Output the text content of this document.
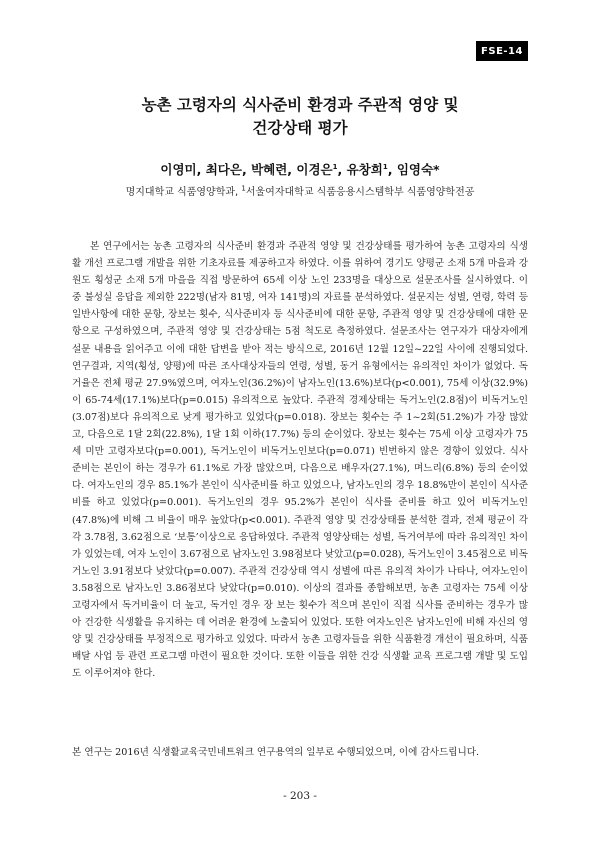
FSE-14
농촌 고령자의 식사준비 환경과 주관적 영양 및
건강상태 평가
이영미, 최다은, 박혜련, 이경은$^1$, 유창희$^1$, 임영숙*
명지대학교 식품영양학과, $^1$서울여자대학교 식품응용시스템학부 식품영양학전공

본 연구에서는 농촌 고령자의 식사준비 환경과 주관적 영양 및 건강상태를 평가하여 농촌 고령자의 식생활 개선 프로그램 개발을 위한 기초자료를 제공하고자 하였다. 이를 위하여 경기도 양평군 소재 5개 마을과 강원도 횡성군 소재 5개 마을을 직접 방문하여 65세 이상 노인 233명을 대상으로 설문조사를 실시하였다. 이 중 불성실 응답을 제외한 222명(남자 81명, 여자 141명)의 자료를 분석하였다. 설문지는 성별, 연령, 학력 등 일반사항에 대한 문항, 장보는 횟수, 식사준비자 등 식사준비에 대한 문항, 주관적 영양 및 건강상태에 대한 문항으로 구성하였으며, 주관적 영양 및 건강상태는 5점 척도로 측정하였다. 설문조사는 연구자가 대상자에게 설문 내용을 읽어주고 이에 대한 답변을 받아 적는 방식으로, 2016년 12월 12일~22일 사이에 진행되었다. 연구결과, 지역(횡성, 양평)에 따른 조사대상자들의 연령, 성별, 동거 유형에서는 유의적인 차이가 없었다. 독거율은 전체 평균 27.9%였으며, 여자노인(36.2%)이 남자노인(13.6%)보다(p<0.001), 75세 이상(32.9%)이 65-74세(17.1%)보다(p=0.015) 유의적으로 높았다. 주관적 경제상태는 독거노인(2.8점)이 비독거노인(3.07점)보다 유의적으로 낮게 평가하고 있었다(p=0.018). 장보는 횟수는 주 1~2회(51.2%)가 가장 많았고, 다음으로 1달 2회(22.8%), 1달 1회 이하(17.7%) 등의 순이었다. 장보는 횟수는 75세 이상 고령자가 75세 미만 고령자보다(p=0.001), 독거노인이 비독거노인보다(p=0.071) 빈번하지 않은 경향이 있었다. 식사준비는 본인이 하는 경우가 61.1%로 가장 많았으며, 다음으로 배우자(27.1%), 며느리(6.8%) 등의 순이었다. 여자노인의 경우 85.1%가 본인이 식사준비를 하고 있었으나, 남자노인의 경우 18.8%만이 본인이 식사준비를 하고 있었다(p=0.001). 독거노인의 경우 95.2%가 본인이 식사를 준비를 하고 있어 비독거노인(47.8%)에 비해 그 비율이 매우 높았다(p<0.001). 주관적 영양 및 건강상태를 분석한 결과, 전체 평균이 각각 3.78점, 3.62점으로 ‘보통’이상으로 응답하였다. 주관적 영양상태는 성별, 독거여부에 따라 유의적인 차이가 있었는데, 여자 노인이 3.67점으로 남자노인 3.98점보다 낮았고(p=0.028), 독거노인이 3.45점으로 비독거노인 3.91점보다 낮았다(p=0.007). 주관적 건강상태 역시 성별에 따른 유의적 차이가 나타나, 여자노인이 3.58점으로 남자노인 3.86점보다 낮았다(p=0.010). 이상의 결과를 종합해보면, 농촌 고령자는 75세 이상 고령자에서 독거비율이 더 높고, 독거인 경우 장 보는 횟수가 적으며 본인이 직접 식사를 준비하는 경우가 많아 건강한 식생활을 유지하는 데 어려운 환경에 노출되어 있었다. 또한 여자노인은 남자노인에 비해 자신의 영양 및 건강상태를 부정적으로 평가하고 있었다. 따라서 농촌 고령자들을 위한 식품환경 개선이 필요하며, 식품배달 사업 등 관련 프로그램 마련이 필요한 것이다. 또한 이들을 위한 건강 식생활 교육 프로그램 개발 및 도입도 이루어져야 한다.

본 연구는 2016년 식생활교육국민네트워크 연구용역의 일부로 수행되었으며, 이에 감사드립니다.

- 203 -
